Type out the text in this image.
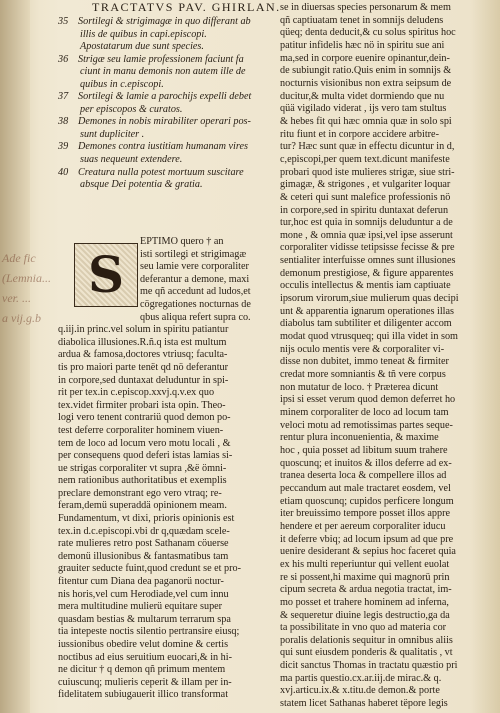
TRACTATVS PAV. GHIRLAN.
Ade fic
(Lemnia...
ver. ...
a vij.g.b
35 Sortilegi & strigimagæ in quo differant ab
illis de quibus in capi.episcopi.
Apostatarum due sunt species.
36 Strigæ seu lamie professionem faciunt fa
ciunt in manu demonis non autem ille de
quibus in c.episcopi.
37 Sortilegi & lamie a parochijs expelli debet
per episcopos & curatos.
38 Demones in nobis mirabiliter operari pos-
sunt dupliciter .
39 Demones contra iustitiam humanam vires
suas nequeunt extendere.
40 Creatura nulla potest mortuum suscitare
absque Dei potentia & gratia.
S
EPTIMO quero † an
isti sortilegi et strigimagæ
seu lamie vere corporaliter
deferantur a demone, maxi
me qñ accedunt ad ludos,et
cögregationes nocturnas de
qbus aliqua refert supra co.
q.iij.in princ.vel solum in spiritu patiantur
diabolica illusiones.R.ñ.q ista est multum
ardua & famosa,doctores vtriusq; faculta-
tis pro maiori parte tenët qd nö deferantur
in corpore,sed duntaxat deluduntur in spi-
rit per tex.in c.episcop.xxvj.q.v.ex quo
tex.videt firmiter probari ista opin. Theo-
logi vero tenent contrariü quod demon po-
test deferre corporaliter hominem viuen-
tem de loco ad locum vero motu locali , &
per consequens quod deferi istas lamias si-
ue strigas corporaliter vt supra ,&ë ömni-
nem rationibus authoritatibus et exemplis
preclare demonstrant ego vero vtraq; re-
feram,demü superaddä opinionem meam.
Fundamentum, vt dixi, prioris opinionis est
tex.in d.c.episcopi.vbi dr q,quædam scele-
rate mulieres retro post Sathanam cöuerse
demonü illusionibus & fantasmatibus tam
grauiter seducte fuint,quod credunt se et pro-
fitentur cum Diana dea paganorü noctur-
nis horis,vel cum Herodiade,vel cum innu
mera multitudine mulierü equitare super
quasdam bestias & multarum terrarum spa
tia intepeste noctis silentio pertransire eiusq;
iussionibus obedire velut domine & certis
noctibus ad eius seruitium euocari,& in hi-
ne dicitur † q demon qñ primum mentem
cuiuscunq; mulieris ceperit & illam per in-
fidelitatem subiugauerit illico transformat
se in diuersas species personarum & mem
qñ captiuatam tenet in somnijs deludens
qüeq; denta deducit,& cu solus spiritus hoc
patitur infidelis hæc nö in spiritu sue ani
ma,sed in corpore euenire opinantur,dein-
de subiungit ratio.Quis enim in somnijs &
nocturnis visionibus non extra seipsum de
ducitur,& multa videt dormiendo que nu
qüä vigilado viderat , ijs vero tam stultus
& hebes fit qui hæc omnia quæ in solo spi
ritu fiunt et in corpore accidere arbitre-
tur? Hæc sunt quæ in effectu dicuntur in d,
c,episcopi,per quem text.dicunt manifeste
probari quod iste mulieres strigæ, siue stri-
gimagæ, & strigones , et vulgariter loquar
& ceteri qui sunt malefice professionis nö
in corpore,sed in spiritu duntaxat deferun
tur,hoc est quia in somnijs deluduntur a de
mone , & omnia quæ ipsi,vel ipse asserunt
corporaliter vidisse tetipsisse fecisse & pre
sentialiter interfuisse omnes sunt illusiones
demonum prestigiose, & figure apparentes
occulis intellectus & mentis iam captiuate
ipsorum virorum,siue mulierum quas decipi
unt & apparentia ignarum operationes illas
diabolus tam subtiliter et diligenter accom
modat quod vtrusqueq; qui illa videt in som
nijs oculo mentis vere & corporaliter vi-
disse non dubitet, immo teneat & firmiter
credat more somniantis & tñ vere corpus
non mutatur de loco. † Præterea dicunt
ipsi si esset verum quod demon deferret ho
minem corporaliter de loco ad locum tam
veloci motu ad remotissimas partes seque-
rentur plura inconuenientia, & maxime
hoc , quia posset ad libitum suum trahere
quoscunq; et inuitos & illos deferre ad ex-
tranea deserta loca & compellere illos ad
peccandum aut male tractaret eosdem, vel
etiam quoscunq; cupidos perficere longum
iter breuissimo tempore posset illos appre
hendere et per aereum corporaliter iducu
it deferre vbiq; ad locum ipsum ad que pre
uenire desiderant & sepius hoc faceret quia
ex his multi reperiuntur qui vellent euolat
re si possent,hi maxime qui magnorü prin
cipum secreta & ardua negotia tractat, im-
mo posset et trahere hominem ad inferna,
& sequeretur diuine legis destructio,ga da
ta possibilitate in vno quo ad materia cor
poralis delationis sequitur in omnibus aliis
qui sunt eiusdem ponderis & qualitatis , vt
dicit sanctus Thomas in tractatu quæstio pri
ma partis questio.cx.ar.iij.de mirac.& q.
xvj.articu.ix.& x.titu.de demon.& porte
statem licet Sathanas haberet tëpore legis
